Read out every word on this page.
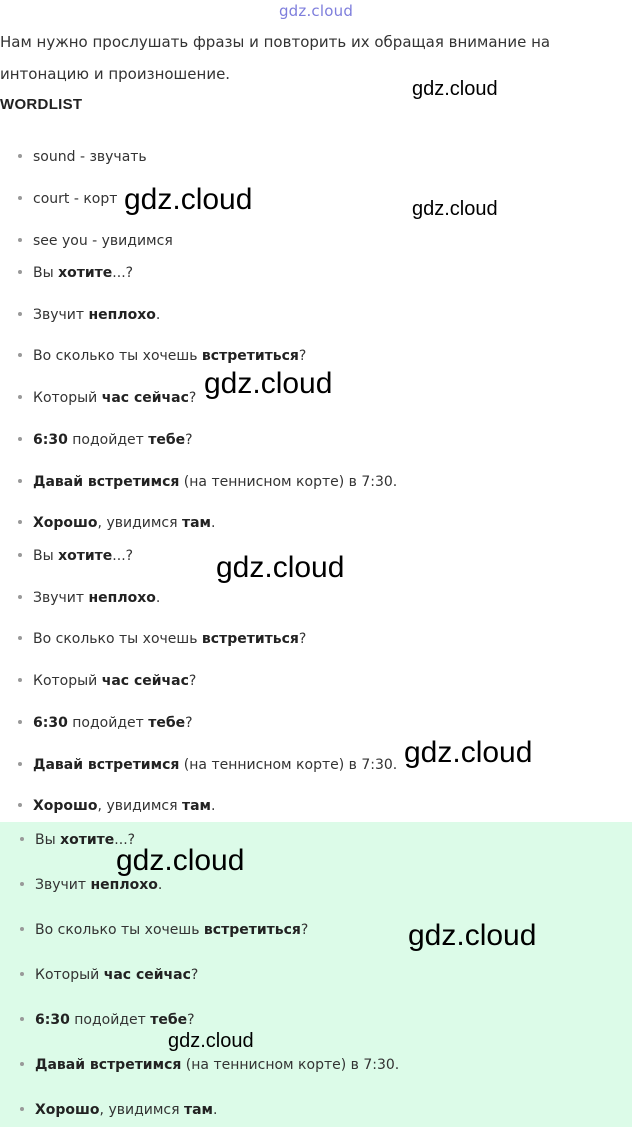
gdz.cloud
Нам нужно прослушать фразы и повторить их обращая внимание на
интонацию и произношение.
WORDLIST
sound - звучать
court - корт
see you - увидимся
Вы хотите...?
Звучит неплохо.
Во сколько ты хочешь встретиться?
Который час сейчас?
6:30 подойдет тебе?
Давай встретимся (на теннисном корте) в 7:30.
Хорошо, увидимся там.
Вы хотите...?
Звучит неплохо.
Во сколько ты хочешь встретиться?
Который час сейчас?
6:30 подойдет тебе?
Давай встретимся (на теннисном корте) в 7:30.
Хорошо, увидимся там.
Вы хотите...?
Звучит неплохо.
Во сколько ты хочешь встретиться?
Который час сейчас?
6:30 подойдет тебе?
Давай встретимся (на теннисном корте) в 7:30.
Хорошо, увидимся там.
gdz.cloud
gdz.cloud
gdz.cloud
gdz.cloud
gdz.cloud
gdz.cloud
gdz.cloud
gdz.cloud
gdz.cloud
